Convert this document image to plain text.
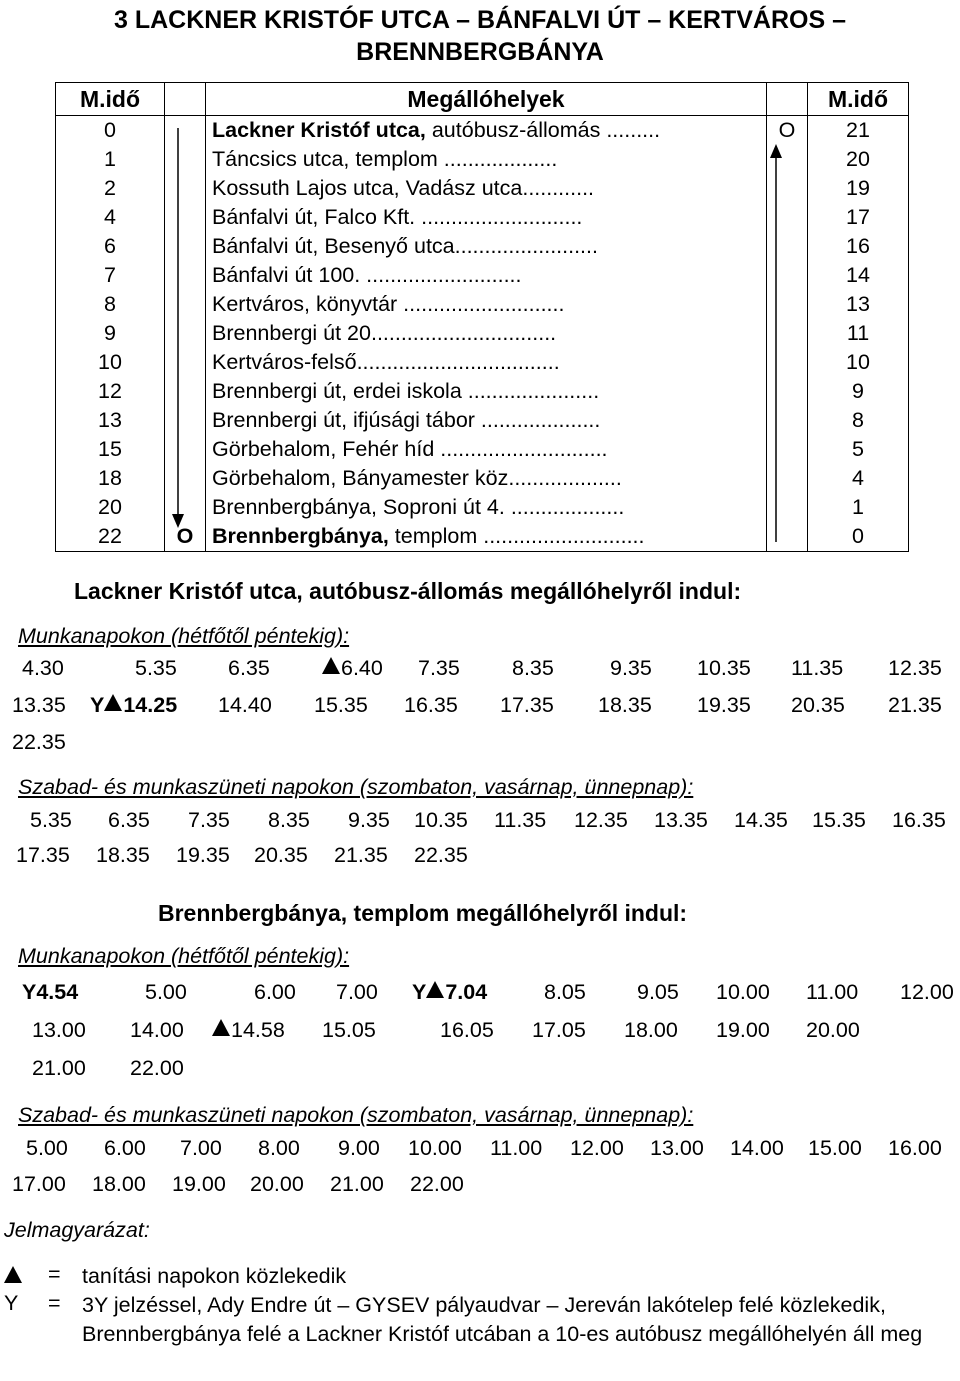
3 LACKNER KRISTÓF UTCA – BÁNFALVI ÚT – KERTVÁROS –
BRENNBERGBÁNYA
M.idő		Megállóhelyek		M.idő
0		Lackner Kristóf utca, autóbusz-állomás .........	O	21
1		Táncsics utca, templom ...................		20
2		Kossuth Lajos utca, Vadász utca............		19
4		Bánfalvi út, Falco Kft. ...........................		17
6		Bánfalvi út, Besenyő utca........................		16
7		Bánfalvi út 100. ..........................		14
8		Kertváros, könyvtár ...........................		13
9		Brennbergi út 20...............................		11
10		Kertváros-felső..................................		10
12		Brennbergi út, erdei iskola ......................		9
13		Brennbergi út, ifjúsági tábor ....................		8
15		Görbehalom, Fehér híd ............................		5
18		Görbehalom, Bányamester köz...................		4
20		Brennbergbánya, Soproni út 4. ...................		1
22	O	Brennbergbánya, templom ...........................		0
Lackner Kristóf utca, autóbusz-állomás megállóhelyről indul:
Munkanapokon (hétfőtől péntekig):
4.30	5.35 6.35	6.40 7.35 8.35	9.35 10.35 11.35 12.35
13.35 Y 14.25 14.40 15.35 16.35 17.35 18.35 19.35 20.35 21.35
22.35
Szabad- és munkaszüneti napokon (szombaton, vasárnap, ünnepnap):
5.35 6.35 7.35 8.35 9.35 10.35 11.35 12.35 13.35 14.35 15.35 16.35
17.35 18.35 19.35 20.35 21.35 22.35
Brennbergbánya, templom megállóhelyről indul:
Munkanapokon (hétfőtől péntekig):
Y4.54	5.00	6.00 7.00 Y 7.04	8.05 9.05 10.00 11.00 12.00
13.00 14.00	14.58 15.05	16.05 17.05 18.00 19.00 20.00
21.00 22.00
Szabad- és munkaszüneti napokon (szombaton, vasárnap, ünnepnap):
5.00 6.00 7.00 8.00 9.00 10.00 11.00 12.00 13.00 14.00 15.00 16.00
17.00 18.00 19.00 20.00 21.00 22.00
Jelmagyarázat:
= tanítási napokon közlekedik
Y	= 3Y jelzéssel, Ady Endre út – GYSEV pályaudvar – Jereván lakótelep felé közlekedik, Brennbergbánya felé a Lackner Kristóf utcában a 10-es autóbusz megállóhelyén áll meg
